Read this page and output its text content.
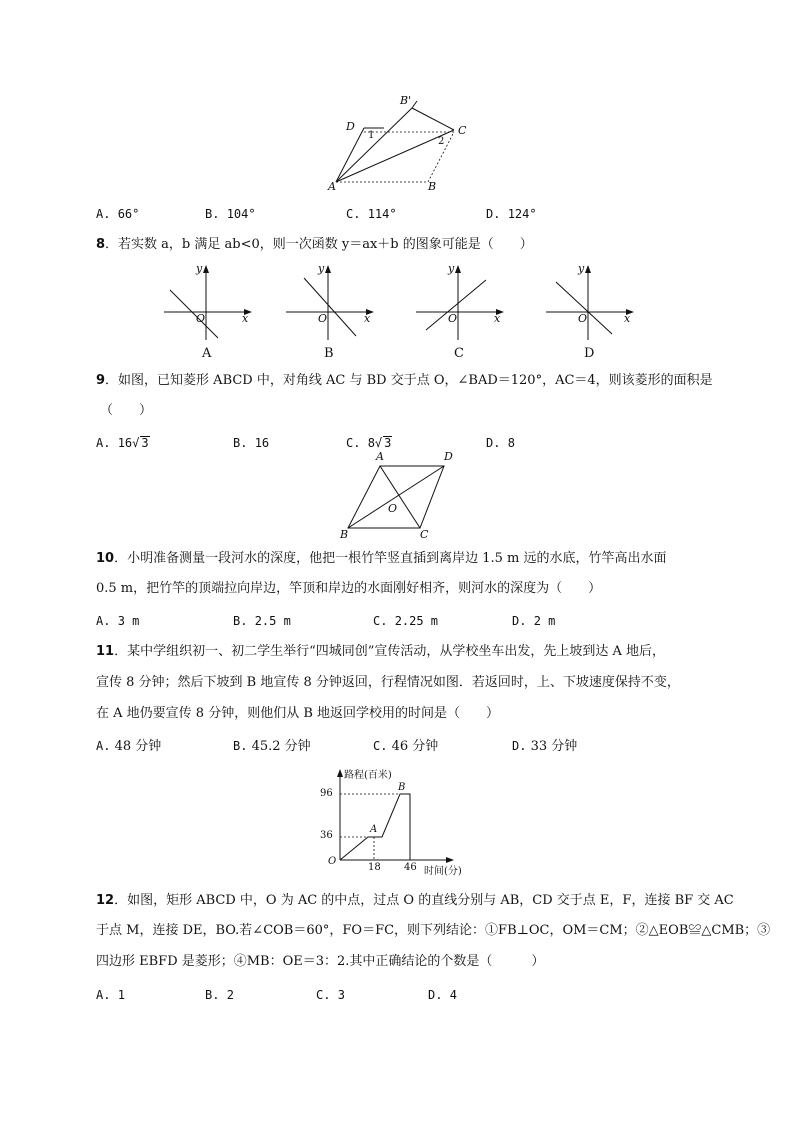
B'
D
1	C
2
A	B
A. 66°	B. 104°	C. 114°	D. 124°
8．若实数 a，b 满足 ab<0，则一次函数 y＝ax＋b 的图象可能是（　　）
y
x
O
A
y
x
O
B
y
x
O
C
y
x
O
D
9．如图，已知菱形 ABCD 中，对角线 AC 与 BD 交于点 O，∠BAD＝120°，AC＝4，则该菱形的面积是
（　　）
A. 16√ 3	B. 16	C. 8√ 3	D. 8
A	D
O
B	C
10．小明准备测量一段河水的深度，他把一根竹竿竖直插到离岸边 1.5 m 远的水底，竹竿高出水面
0.5 m，把竹竿的顶端拉向岸边，竿顶和岸边的水面刚好相齐，则河水的深度为（　　）
A. 3 m	B. 2.5 m	C. 2.25 m	D. 2 m
11．某中学组织初一、初二学生举行“四城同创”宣传活动，从学校坐车出发，先上坡到达 A 地后，
宣传 8 分钟；然后下坡到 B 地宣传 8 分钟返回，行程情况如图．若返回时，上、下坡速度保持不变，
在 A 地仍要宣传 8 分钟，则他们从 B 地返回学校用的时间是（　　）
A. 48 分钟	B. 45.2 分钟	C. 46 分钟	D. 33 分钟
路程(百米)
96
36
A
B
O
18 46 时间(分)
12．如图，矩形 ABCD 中，O 为 AC 的中点，过点 O 的直线分别与 AB，CD 交于点 E，F，连接 BF 交 AC
于点 M，连接 DE，BO.若∠COB＝60°，FO＝FC，则下列结论：①FB⊥OC，OM＝CM；②△EOB≌△CMB；③
四边形 EBFD 是菱形；④MB：OE＝3：2.其中正确结论的个数是（　　　）
A. 1	B. 2	C. 3	D. 4
